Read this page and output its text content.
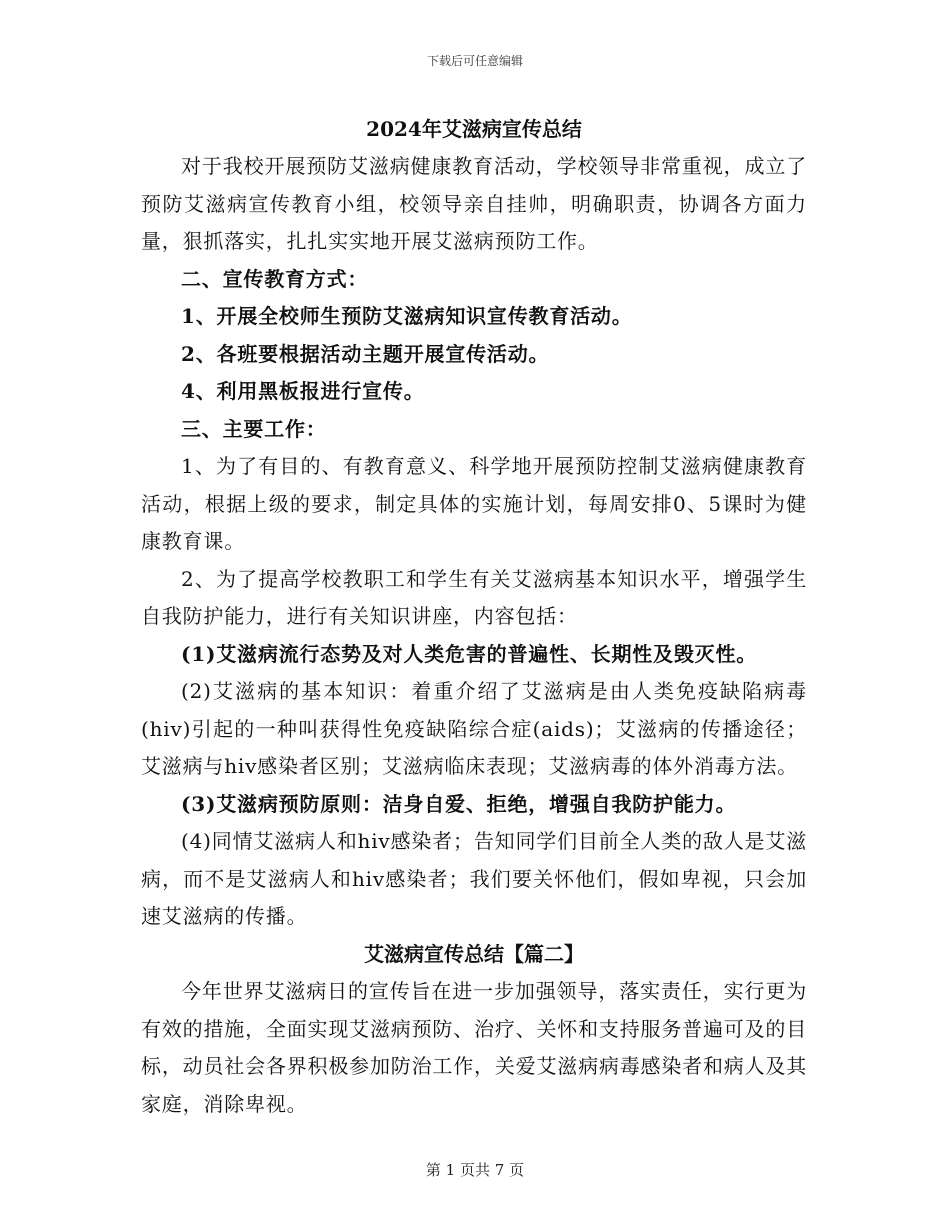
下载后可任意编辑
2024年艾滋病宣传总结

对于我校开展预防艾滋病健康教育活动，学校领导非常重视，成立了预防艾滋病宣传教育小组，校领导亲自挂帅，明确职责，协调各方面力量，狠抓落实，扎扎实实地开展艾滋病预防工作。

二、宣传教育方式：

1、开展全校师生预防艾滋病知识宣传教育活动。

2、各班要根据活动主题开展宣传活动。

4、利用黑板报进行宣传。

三、主要工作：

1、为了有目的、有教育意义、科学地开展预防控制艾滋病健康教育活动，根据上级的要求，制定具体的实施计划，每周安排0、5课时为健康教育课。

2、为了提高学校教职工和学生有关艾滋病基本知识水平，增强学生自我防护能力，进行有关知识讲座，内容包括：

(1)艾滋病流行态势及对人类危害的普遍性、长期性及毁灭性。

(2)艾滋病的基本知识：着重介绍了艾滋病是由人类免疫缺陷病毒(hiv)引起的一种叫获得性免疫缺陷综合症(aids)；艾滋病的传播途径；艾滋病与hiv感染者区别；艾滋病临床表现；艾滋病毒的体外消毒方法。

(3)艾滋病预防原则：洁身自爱、拒绝，增强自我防护能力。

(4)同情艾滋病人和hiv感染者；告知同学们目前全人类的敌人是艾滋病，而不是艾滋病人和hiv感染者；我们要关怀他们，假如卑视，只会加速艾滋病的传播。

艾滋病宣传总结【篇二】

今年世界艾滋病日的宣传旨在进一步加强领导，落实责任，实行更为有效的措施，全面实现艾滋病预防、治疗、关怀和支持服务普遍可及的目标，动员社会各界积极参加防治工作，关爱艾滋病病毒感染者和病人及其家庭，消除卑视。

第 1 页共 7 页
